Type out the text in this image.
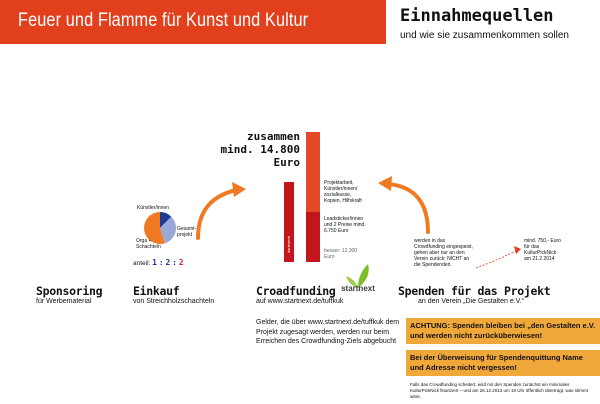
Feuer und Flamme für Kunst und Kultur	Einnahmequellen
und wie sie zusammenkommen sollen
zusammen
mind. 14.800 Euro
dankwerk
Projektarbeit, Künstler/innen/ sozialkasse, Kopien, Hilfskraft
Leadsticker/innen und 2 Preise mind. 6.750 Euro
besser: 12.300 Euro
Künstler/innen
Orga + Schachteln
Gesamt-projekt
anteil: 1 : 2 : 2
startnext
Sponsoring
für Werbematerial
Einkauf
von Streichholzschachteln
Croadfunding
auf www.startnext.de/tuffkuk
Spenden für das Projekt
an den Verein „Die Gestalten e.V.“
Gelder, die über www.startnext.de/tuffkuk dem Projekt zugesagt werden, werden nur beim Erreichen des Crowdfunding-Ziels abgebucht
werden in das Crowdfunding eingespeist, gehen aber nur an den Verein zurück; NICHT an die Spendenden.
mind. 750,- Euro für das KulturPickNick am 21.2.2014
ACHTUNG: Spenden bleiben bei „den Gestalten e.V. und werden nicht zurücküberwiesen!
Bei der Überweisung für Spendenquittung Name und Adresse nicht vergessen!
Falls das Crowdfunding scheitert, wird mit den Spenden zunächst ein minimales KulturPickNick finanziert – und am 26.12.2013 um 19 Uhr öffentlich übertragt, was stimmt wäre.
